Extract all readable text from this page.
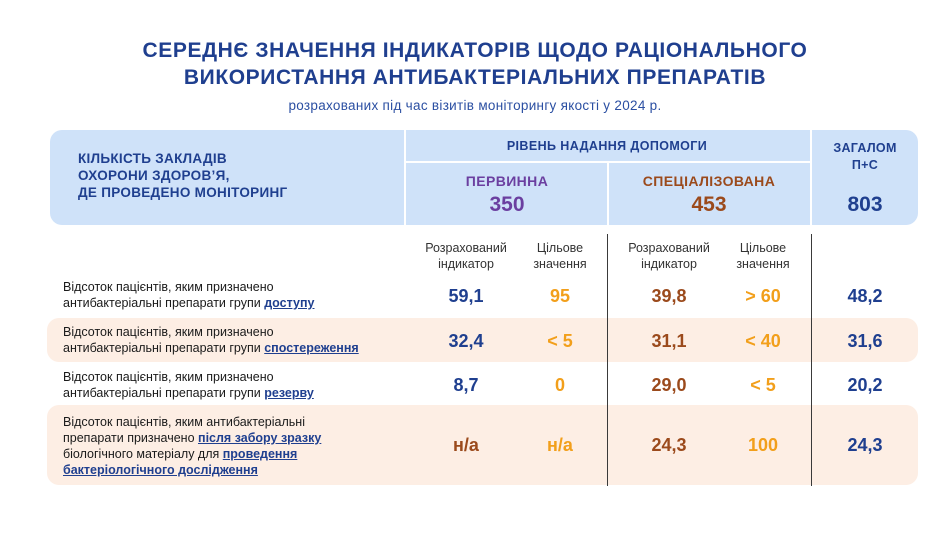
СЕРЕДНЄ ЗНАЧЕННЯ ІНДИКАТОРІВ ЩОДО РАЦІОНАЛЬНОГО
ВИКОРИСТАННЯ АНТИБАКТЕРІАЛЬНИХ ПРЕПАРАТІВ
розрахованих під час візитів моніторингу якості у 2024 р.
КІЛЬКІСТЬ ЗАКЛАДІВ
ОХОРОНИ ЗДОРОВ’Я,
ДЕ ПРОВЕДЕНО МОНІТОРИНГ
РІВЕНЬ НАДАННЯ ДОПОМОГИ
ПЕРВИННА
350
СПЕЦІАЛІЗОВАНА
453
ЗАГАЛОМ
П+С
803
Розрахований
індикатор
Цільове
значення
Розрахований
індикатор
Цільове
значення
Відсоток пацієнтів, яким призначено
антибактеріальні препарати групи доступу	59,1	95	39,8	> 60	48,2
Відсоток пацієнтів, яким призначено
антибактеріальні препарати групи спостереження	32,4	< 5	31,1	< 40	31,6
Відсоток пацієнтів, яким призначено
антибактеріальні препарати групи резерву	8,7	0	29,0	< 5	20,2
Відсоток пацієнтів, яким антибактеріальні
препарати призначено після забору зразку
біологічного матеріалу для проведення
бактеріологічного дослідження
н/а	н/а	24,3	100	24,3
